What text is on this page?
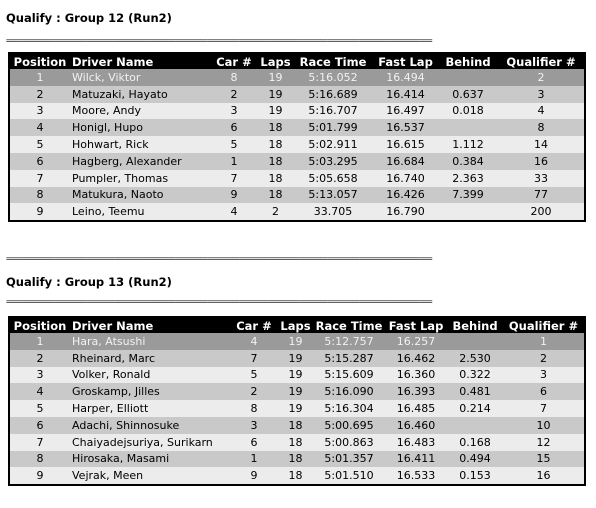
Qualify : Group 12 (Run2)
==========================================================================================================
Position	Driver Name	Car #	Laps	Race Time	Fast Lap	Behind	Qualifier #
1	Wilck, Viktor	8	19	5:16.052	16.494		2
2	Matuzaki, Hayato	2	19	5:16.689	16.414	0.637	3
3	Moore, Andy	3	19	5:16.707	16.497	0.018	4
4	Honigl, Hupo	6	18	5:01.799	16.537		8
5	Hohwart, Rick	5	18	5:02.911	16.615	1.112	14
6	Hagberg, Alexander	1	18	5:03.295	16.684	0.384	16
7	Pumpler, Thomas	7	18	5:05.658	16.740	2.363	33
8	Matukura, Naoto	9	18	5:13.057	16.426	7.399	77
9	Leino, Teemu	4	2	33.705	16.790		200
==========================================================================================================
Qualify : Group 13 (Run2)
==========================================================================================================
Position	Driver Name	Car #	Laps	Race Time	Fast Lap	Behind	Qualifier #
1	Hara, Atsushi	4	19	5:12.757	16.257		1
2	Rheinard, Marc	7	19	5:15.287	16.462	2.530	2
3	Volker, Ronald	5	19	5:15.609	16.360	0.322	3
4	Groskamp, Jilles	2	19	5:16.090	16.393	0.481	6
5	Harper, Elliott	8	19	5:16.304	16.485	0.214	7
6	Adachi, Shinnosuke	3	18	5:00.695	16.460		10
7	Chaiyadejsuriya, Surikarn	6	18	5:00.863	16.483	0.168	12
8	Hirosaka, Masami	1	18	5:01.357	16.411	0.494	15
9	Vejrak, Meen	9	18	5:01.510	16.533	0.153	16
